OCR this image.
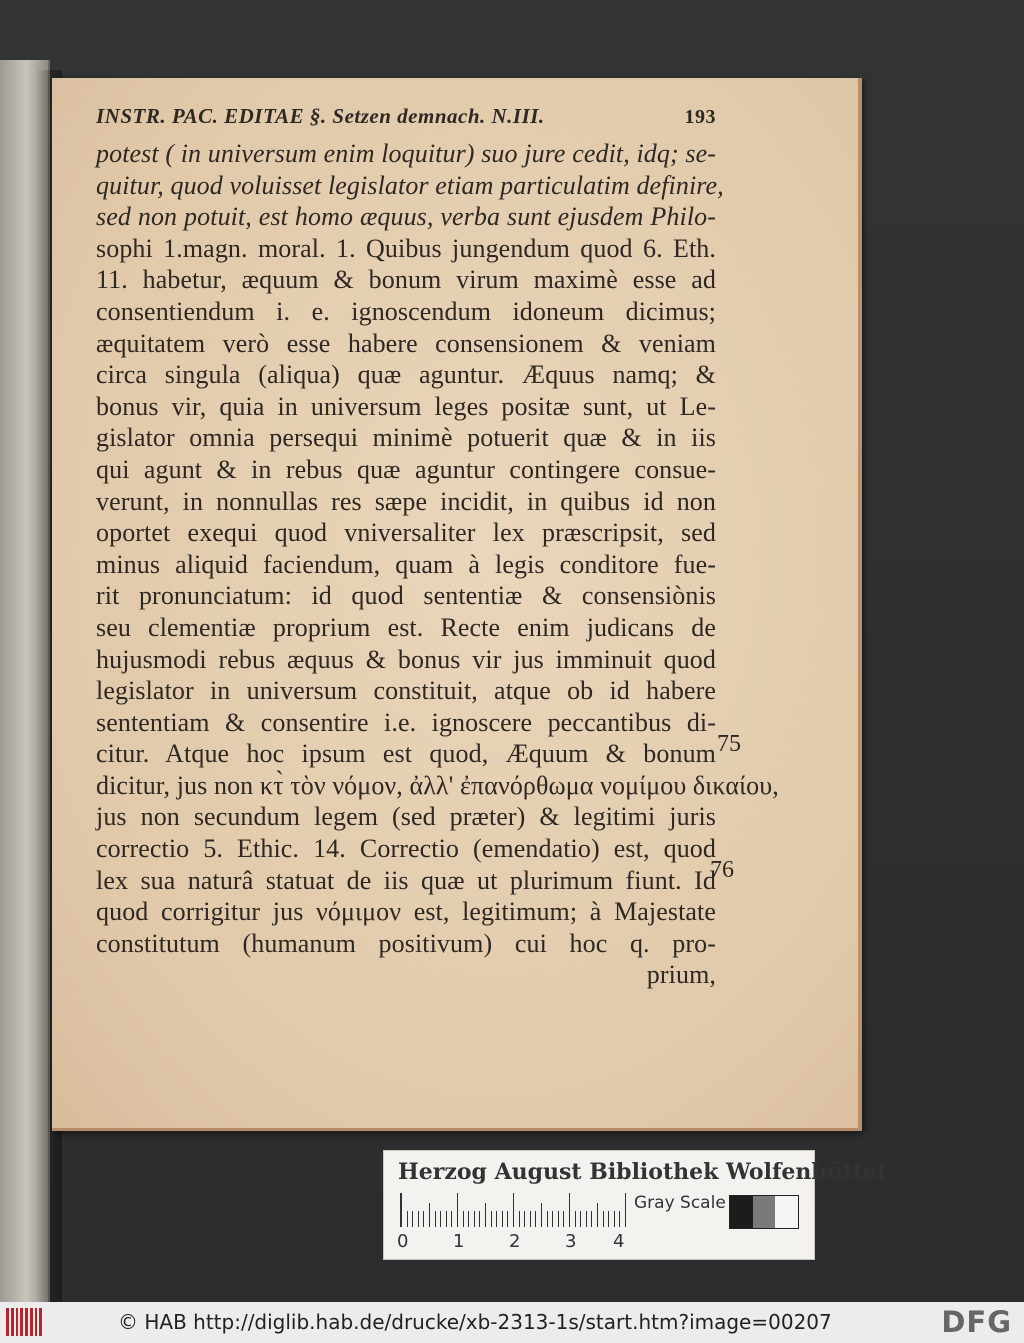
INSTR. PAC. EDITAE §. Setzen demnach. N.III.	193
potest ( in universum enim loquitur) suo jure cedit, idq; se-
quitur, quod voluisset legislator etiam particulatim definire,
sed non potuit, est homo æquus, verba sunt ejusdem Philo-
sophi 1.magn. moral. 1. Quibus jungendum quod 6. Eth.
11. habetur, æquum & bonum virum maximè esse ad
consentiendum i. e. ignoscendum idoneum dicimus;
æquitatem verò esse habere consensionem & veniam
circa singula (aliqua) quæ aguntur. Æquus namq; &
bonus vir, quia in universum leges positæ sunt, ut Le-
gislator omnia persequi minimè potuerit quæ & in iis
qui agunt & in rebus quæ aguntur contingere consue-
verunt, in nonnullas res sæpe incidit, in quibus id non
oportet exequi quod vniversaliter lex præscripsit, sed
minus aliquid faciendum, quam à legis conditore fue-
rit pronunciatum: id quod sententiæ & consensiònis
seu clementiæ proprium est. Recte enim judicans de
hujusmodi rebus æquus & bonus vir jus imminuit quod
legislator in universum constituit, atque ob id habere
sententiam & consentire i.e. ignoscere peccantibus di-
citur. Atque hoc ipsum est quod, Æquum & bonum
dicitur, jus non κτ̀ τὸν νόμον, ἀλλ' ἐπανόρθωμα νομίμου δικαίου,
jus non secundum legem (sed præter) & legitimi juris
correctio 5. Ethic. 14. Correctio (emendatio) est, quod
lex sua naturâ statuat de iis quæ ut plurimum fiunt. Id
quod corrigitur jus νόμιμον est, legitimum; à Majestate
constitutum (humanum positivum) cui hoc q. pro-
prium,
75
76
Herzog August Bibliothek Wolfenbüttel
0 1 2 3 4
Gray Scale
© HAB http://diglib.hab.de/drucke/xb-2313-1s/start.htm?image=00207	DFG
